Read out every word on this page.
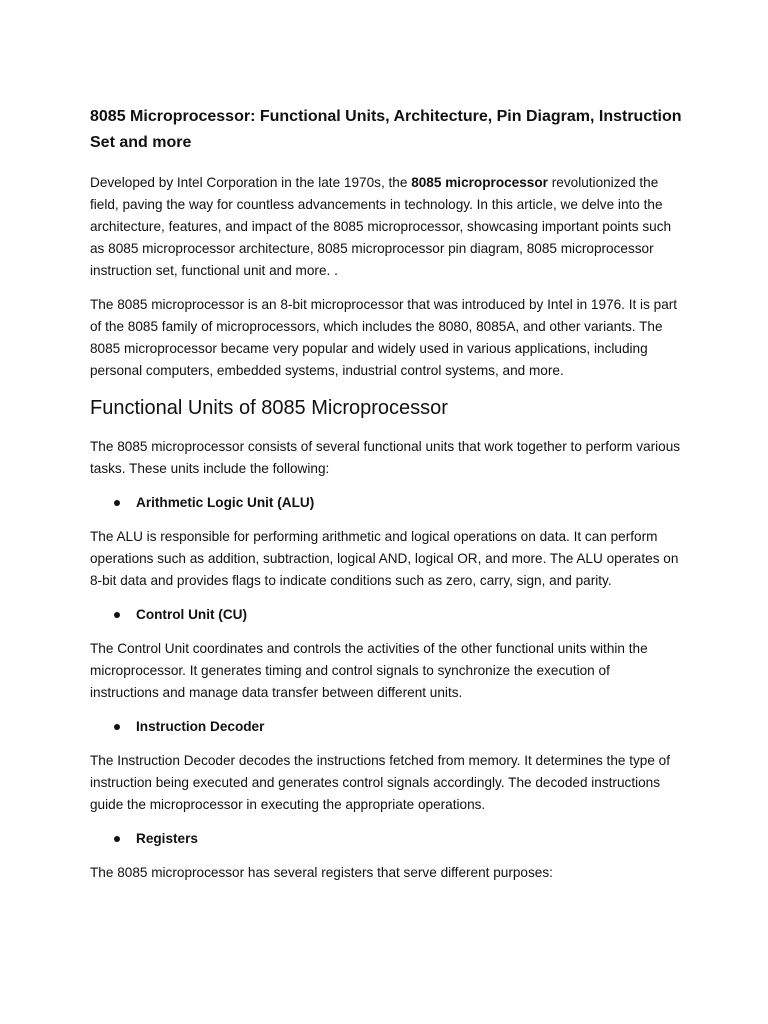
8085 Microprocessor: Functional Units, Architecture, Pin Diagram, Instruction Set and more

Developed by Intel Corporation in the late 1970s, the 8085 microprocessor revolutionized the field, paving the way for countless advancements in technology. In this article, we delve into the architecture, features, and impact of the 8085 microprocessor, showcasing important points such as 8085 microprocessor architecture, 8085 microprocessor pin diagram, 8085 microprocessor instruction set, functional unit and more. .

The 8085 microprocessor is an 8-bit microprocessor that was introduced by Intel in 1976. It is part of the 8085 family of microprocessors, which includes the 8080, 8085A, and other variants. The 8085 microprocessor became very popular and widely used in various applications, including personal computers, embedded systems, industrial control systems, and more.

Functional Units of 8085 Microprocessor

The 8085 microprocessor consists of several functional units that work together to perform various tasks. These units include the following:

Arithmetic Logic Unit (ALU)

The ALU is responsible for performing arithmetic and logical operations on data. It can perform operations such as addition, subtraction, logical AND, logical OR, and more. The ALU operates on 8-bit data and provides flags to indicate conditions such as zero, carry, sign, and parity.

Control Unit (CU)

The Control Unit coordinates and controls the activities of the other functional units within the microprocessor. It generates timing and control signals to synchronize the execution of instructions and manage data transfer between different units.

Instruction Decoder

The Instruction Decoder decodes the instructions fetched from memory. It determines the type of instruction being executed and generates control signals accordingly. The decoded instructions guide the microprocessor in executing the appropriate operations.

Registers

The 8085 microprocessor has several registers that serve different purposes:
